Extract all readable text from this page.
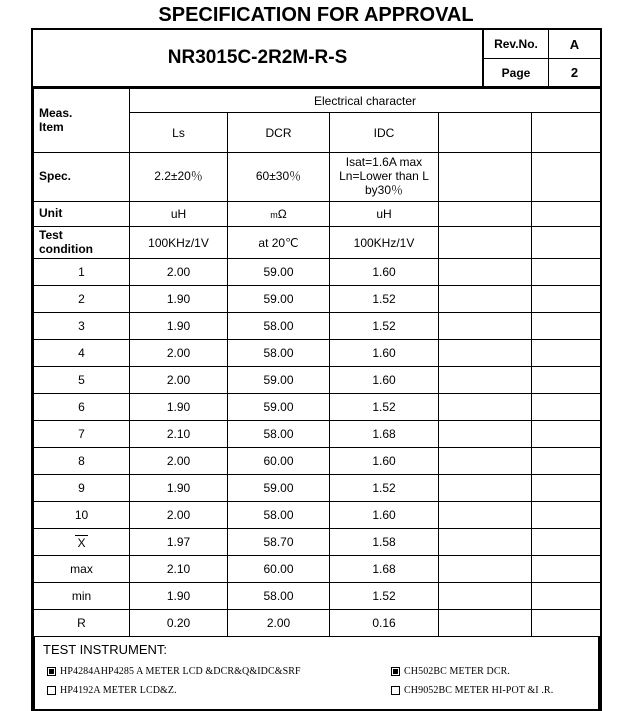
SPECIFICATION FOR APPROVAL
NR3015C-2R2M-R-S
Rev.No.	A
Page	2
Meas.
Item	Electrical character				
	Ls	DCR	IDC		
Spec.	2.2±20％	60±30％	Isat=1.6A max
Ln=Lower than L
by30％		
Unit	uH	mΩ	uH		

Test
condition	100KHz/1V	at 20℃	100KHz/1V		
1	2.00	59.00	1.60		
2	1.90	59.00	1.52		
3	1.90	58.00	1.52		
4	2.00	58.00	1.60		
5	2.00	59.00	1.60		
6	1.90	59.00	1.52		
7	2.10	58.00	1.68		
8	2.00	60.00	1.60		
9	1.90	59.00	1.52		
10	2.00	58.00	1.60		
X	1.97	58.70	1.58		
max	2.10	60.00	1.68		
min	1.90	58.00	1.52		
R	0.20	2.00	0.16		
TEST INSTRUMENT:
HP4284AHP4285 A METER LCD &DCR&Q&IDC&SRF	CH502BC METER DCR.
HP4192A METER LCD&Z.	CH9052BC METER HI-POT &I .R.
